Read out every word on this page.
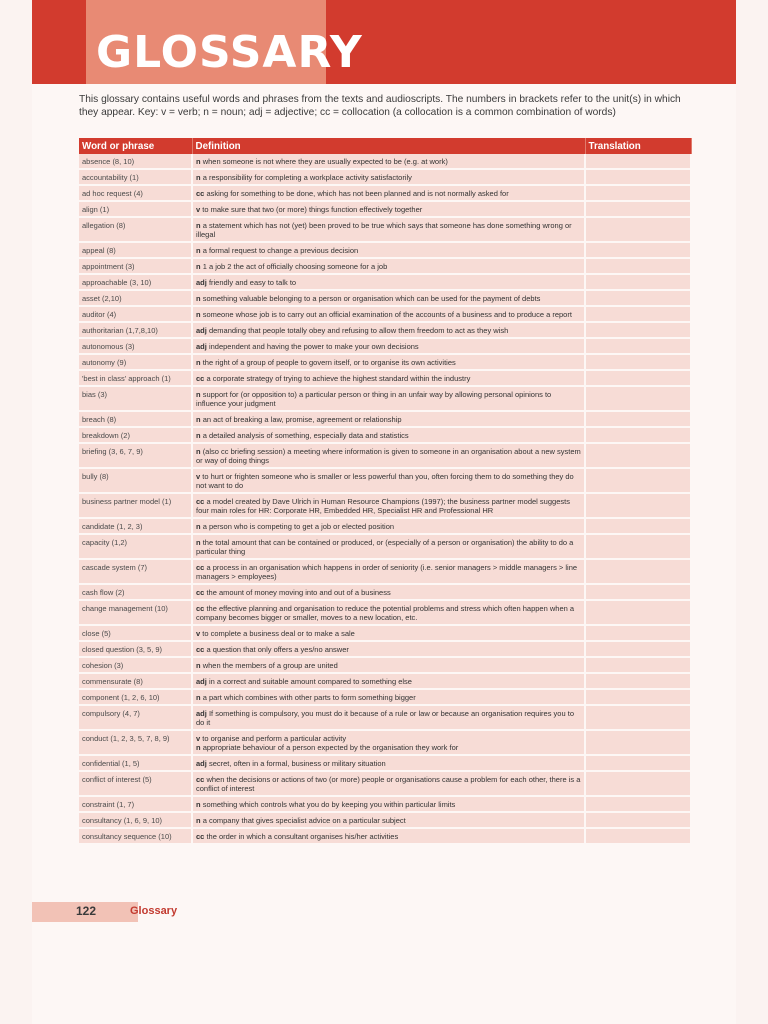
GLOSSARY

This glossary contains useful words and phrases from the texts and audioscripts. The numbers in brackets refer to the unit(s) in which they appear. Key: v = verb; n = noun; adj = adjective; cc = collocation (a collocation is a common combination of words)

Word or phrase	Definition	Translation
absence (8, 10)	n when someone is not where they are usually expected to be (e.g. at work)	
accountability (1)	n a responsibility for completing a workplace activity satisfactorily	
ad hoc request (4)	cc asking for something to be done, which has not been planned and is not normally asked for	
align (1)	v to make sure that two (or more) things function effectively together	
allegation (8)	n a statement which has not (yet) been proved to be true which says that someone has done something wrong or illegal	
appeal (8)	n a formal request to change a previous decision	
appointment (3)	n 1 a job 2 the act of officially choosing someone for a job	
approachable (3, 10)	adj friendly and easy to talk to	
asset (2,10)	n something valuable belonging to a person or organisation which can be used for the payment of debts	
auditor (4)	n someone whose job is to carry out an official examination of the accounts of a business and to produce a report	
authoritarian (1,7,8,10)	adj demanding that people totally obey and refusing to allow them freedom to act as they wish	
autonomous (3)	adj independent and having the power to make your own decisions	
autonomy (9)	n the right of a group of people to govern itself, or to organise its own activities	
'best in class' approach (1)	cc a corporate strategy of trying to achieve the highest standard within the industry	
bias (3)	n support for (or opposition to) a particular person or thing in an unfair way by allowing personal opinions to influence your judgment	
breach (8)	n an act of breaking a law, promise, agreement or relationship	
breakdown (2)	n a detailed analysis of something, especially data and statistics	
briefing (3, 6, 7, 9)	n (also cc briefing session) a meeting where information is given to someone in an organisation about a new system or way of doing things	
bully (8)	v to hurt or frighten someone who is smaller or less powerful than you, often forcing them to do something they do not want to do	
business partner model (1)	cc a model created by Dave Ulrich in Human Resource Champions (1997); the business partner model suggests four main roles for HR: Corporate HR, Embedded HR, Specialist HR and Professional HR	
candidate (1, 2, 3)	n a person who is competing to get a job or elected position	
capacity (1,2)	n the total amount that can be contained or produced, or (especially of a person or organisation) the ability to do a particular thing	
cascade system (7)	cc a process in an organisation which happens in order of seniority (i.e. senior managers > middle managers > line managers > employees)	
cash flow (2)	cc the amount of money moving into and out of a business	
change management (10)	cc the effective planning and organisation to reduce the potential problems and stress which often happen when a company becomes bigger or smaller, moves to a new location, etc.	
close (5)	v to complete a business deal or to make a sale	
closed question (3, 5, 9)	cc a question that only offers a yes/no answer	
cohesion (3)	n when the members of a group are united	
commensurate (8)	adj in a correct and suitable amount compared to something else	
component (1, 2, 6, 10)	n a part which combines with other parts to form something bigger	
compulsory (4, 7)	adj If something is compulsory, you must do it because of a rule or law or because an organisation requires you to do it	
conduct (1, 2, 3, 5, 7, 8, 9)	v to organise and perform a particular activity
n appropriate behaviour of a person expected by the organisation they work for	
confidential (1, 5)	adj secret, often in a formal, business or military situation	
conflict of interest (5)	cc when the decisions or actions of two (or more) people or organisations cause a problem for each other, there is a conflict of interest	
constraint (1, 7)	n something which controls what you do by keeping you within particular limits	
consultancy (1, 6, 9, 10)	n a company that gives specialist advice on a particular subject	
consultancy sequence (10)	cc the order in which a consultant organises his/her activities	
122	Glossary
